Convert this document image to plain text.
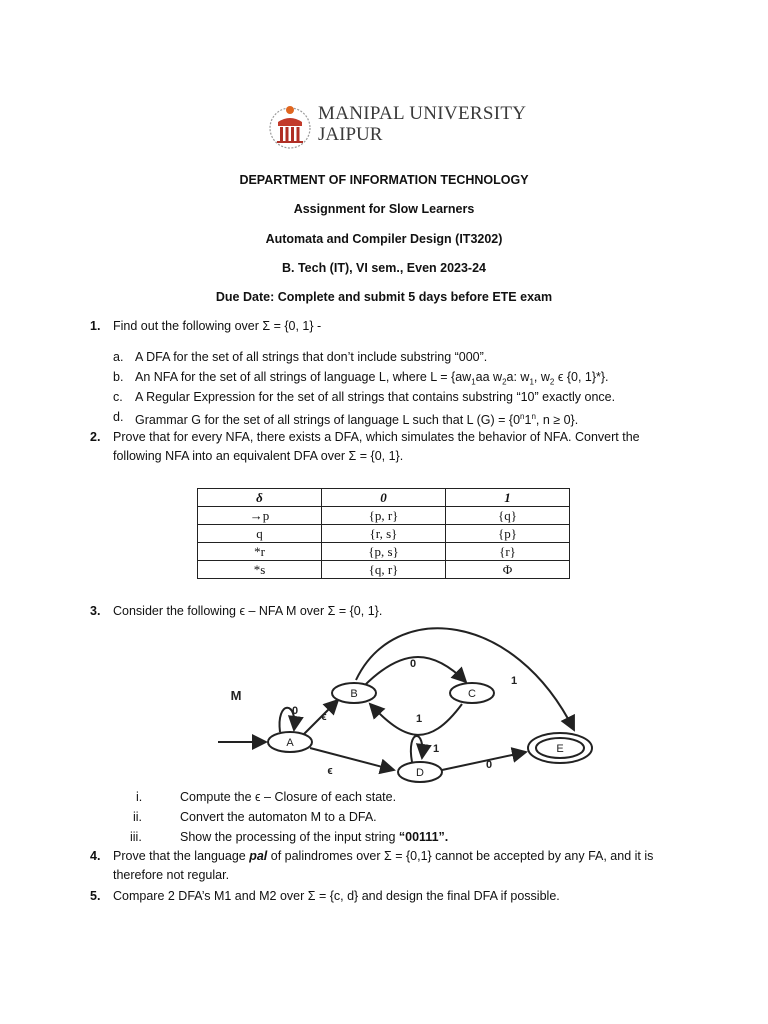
MANIPAL UNIVERSITY
JAIPUR
DEPARTMENT OF INFORMATION TECHNOLOGY
Assignment for Slow Learners
Automata and Compiler Design (IT3202)
B. Tech (IT), VI sem., Even 2023-24
Due Date: Complete and submit 5 days before ETE exam
1. Find out the following over Σ = {0, 1} -
a. A DFA for the set of all strings that don’t include substring “000”.
b. An NFA for the set of all strings of language L, where $L = \{aw_1aa$ $w_2a$: $w_1$, $w_2$ ϵ {0, 1}*}.
c. A Regular Expression for the set of all strings that contains substring “10” exactly once.
d. Grammar G for the set of all strings of language L such that L $(G) = \{0^n1^n$, n ≥ 0}.
2. Prove that for every NFA, there exists a DFA, which simulates the behavior of NFA. Convert the
following NFA into an equivalent DFA over Σ = {0, 1}.
δ	0	1
→p	{p, r}	{q}
q	{r, s}	{p}
*r	{p, s}	{r}
*s	{q, r}	Φ
3. Consider the following ϵ – NFA M over Σ = {0, 1}.
M
A
B	C
D
E
0 ϵ
0
1
1
ϵ
1
0
i.	Compute the ϵ – Closure of each state.
ii.	Convert the automaton M to a DFA.
iii.	Show the processing of the input string “00111”.
4. Prove that the language pal of palindromes over Σ = {0,1} cannot be accepted by any FA, and it is
therefore not regular.
5. Compare 2 DFA’s M1 and M2 over Σ = {c, d} and design the final DFA if possible.
